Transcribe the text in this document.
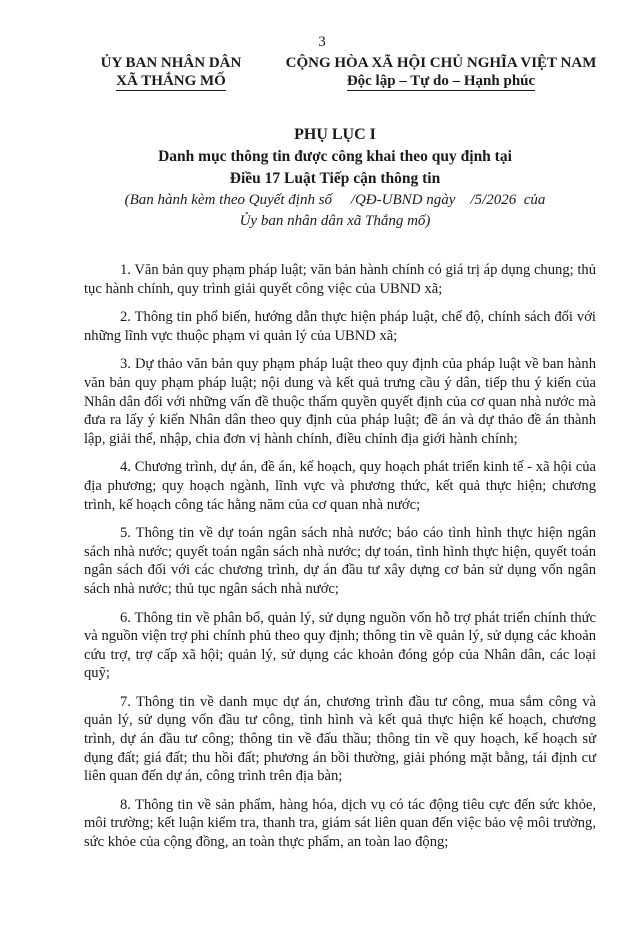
3
ỦY BAN NHÂN DÂN
XÃ THẮNG MỐ
CỘNG HÒA XÃ HỘI CHỦ NGHĨA VIỆT NAM
Độc lập – Tự do – Hạnh phúc
PHỤ LỤC I
Danh mục thông tin được công khai theo quy định tại
Điều 17 Luật Tiếp cận thông tin
(Ban hành kèm theo Quyết định số     /QĐ-UBND ngày    /5/2026  của
Ủy ban nhân dân xã Thắng mố)

1. Văn bản quy phạm pháp luật; văn bản hành chính có giá trị áp dụng chung; thủ tục hành chính, quy trình giải quyết công việc của UBND xã;

2. Thông tin phổ biến, hướng dẫn thực hiện pháp luật, chế độ, chính sách đối với những lĩnh vực thuộc phạm vi quản lý của UBND xã;

3. Dự thảo văn bản quy phạm pháp luật theo quy định của pháp luật về ban hành văn bản quy phạm pháp luật; nội dung và kết quả trưng cầu ý dân, tiếp thu ý kiến của Nhân dân đối với những vấn đề thuộc thẩm quyền quyết định của cơ quan nhà nước mà đưa ra lấy ý kiến Nhân dân theo quy định của pháp luật; đề án và dự thảo đề án thành lập, giải thể, nhập, chia đơn vị hành chính, điều chỉnh địa giới hành chính;

4. Chương trình, dự án, đề án, kế hoạch, quy hoạch phát triển kinh tế - xã hội của địa phương; quy hoạch ngành, lĩnh vực và phương thức, kết quả thực hiện; chương trình, kế hoạch công tác hằng năm của cơ quan nhà nước;

5. Thông tin về dự toán ngân sách nhà nước; báo cáo tình hình thực hiện ngân sách nhà nước; quyết toán ngân sách nhà nước; dự toán, tình hình thực hiện, quyết toán ngân sách đối với các chương trình, dự án đầu tư xây dựng cơ bản sử dụng vốn ngân sách nhà nước; thủ tục ngân sách nhà nước;

6. Thông tin về phân bổ, quản lý, sử dụng nguồn vốn hỗ trợ phát triển chính thức và nguồn viện trợ phi chính phủ theo quy định; thông tin về quản lý, sử dụng các khoản cứu trợ, trợ cấp xã hội; quản lý, sử dụng các khoản đóng góp của Nhân dân, các loại quỹ;

7. Thông tin về danh mục dự án, chương trình đầu tư công, mua sắm công và quản lý, sử dụng vốn đầu tư công, tình hình và kết quả thực hiện kế hoạch, chương trình, dự án đầu tư công; thông tin về đấu thầu; thông tin về quy hoạch, kế hoạch sử dụng đất; giá đất; thu hồi đất; phương án bồi thường, giải phóng mặt bằng, tái định cư liên quan đến dự án, công trình trên địa bàn;

8. Thông tin về sản phẩm, hàng hóa, dịch vụ có tác động tiêu cực đến sức khỏe, môi trường; kết luận kiểm tra, thanh tra, giám sát liên quan đến việc bảo vệ môi trường, sức khỏe của cộng đồng, an toàn thực phẩm, an toàn lao động;
